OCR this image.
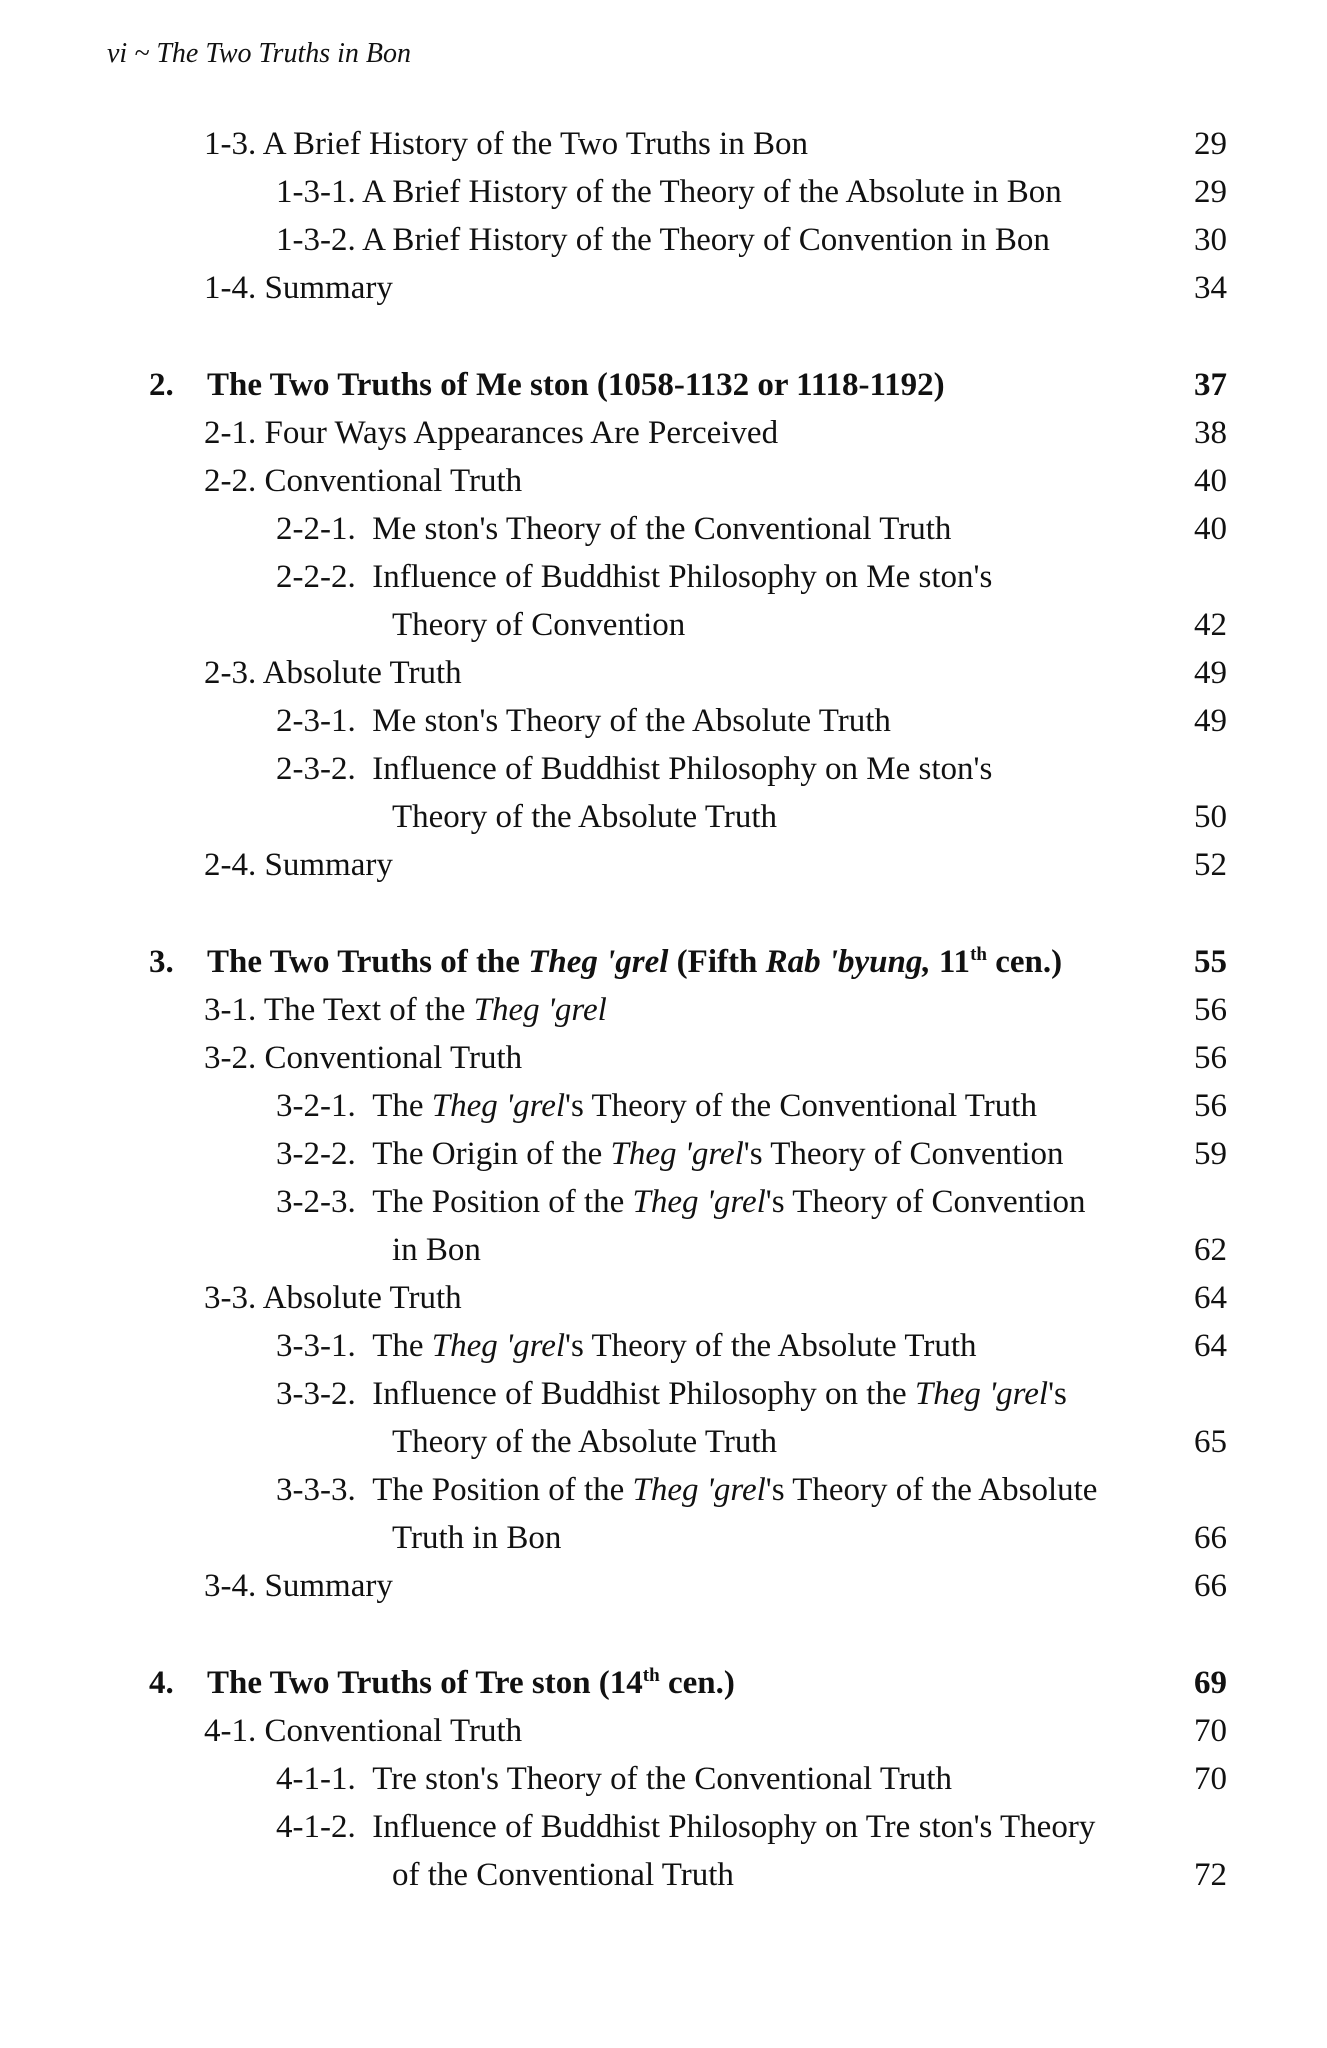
vi ~ The Two Truths in Bon
1-3. A Brief History of the Two Truths in Bon	29
1-3-1. A Brief History of the Theory of the Absolute in Bon	29
1-3-2. A Brief History of the Theory of Convention in Bon	30
1-4. Summary	34
2. The Two Truths of Me ston (1058-1132 or 1118-1192)	37
2-1. Four Ways Appearances Are Perceived	38
2-2. Conventional Truth	40
2-2-1. Me ston's Theory of the Conventional Truth	40
2-2-2. Influence of Buddhist Philosophy on Me ston's
Theory of Convention	42
2-3. Absolute Truth	49
2-3-1. Me ston's Theory of the Absolute Truth	49
2-3-2. Influence of Buddhist Philosophy on Me ston's
Theory of the Absolute Truth	50
2-4. Summary	52
3. The Two Truths of the Theg 'grel (Fifth Rab 'byung, 11th cen.)	55
3-1. The Text of the Theg 'grel	56
3-2. Conventional Truth	56
3-2-1. The Theg 'grel's Theory of the Conventional Truth	56
3-2-2. The Origin of the Theg 'grel's Theory of Convention	59
3-2-3. The Position of the Theg 'grel's Theory of Convention
in Bon	62
3-3. Absolute Truth	64
3-3-1. The Theg 'grel's Theory of the Absolute Truth	64
3-3-2. Influence of Buddhist Philosophy on the Theg 'grel's
Theory of the Absolute Truth	65
3-3-3. The Position of the Theg 'grel's Theory of the Absolute
Truth in Bon	66
3-4. Summary	66
4. The Two Truths of Tre ston (14th cen.)	69
4-1. Conventional Truth	70
4-1-1. Tre ston's Theory of the Conventional Truth	70
4-1-2. Influence of Buddhist Philosophy on Tre ston's Theory
of the Conventional Truth	72
